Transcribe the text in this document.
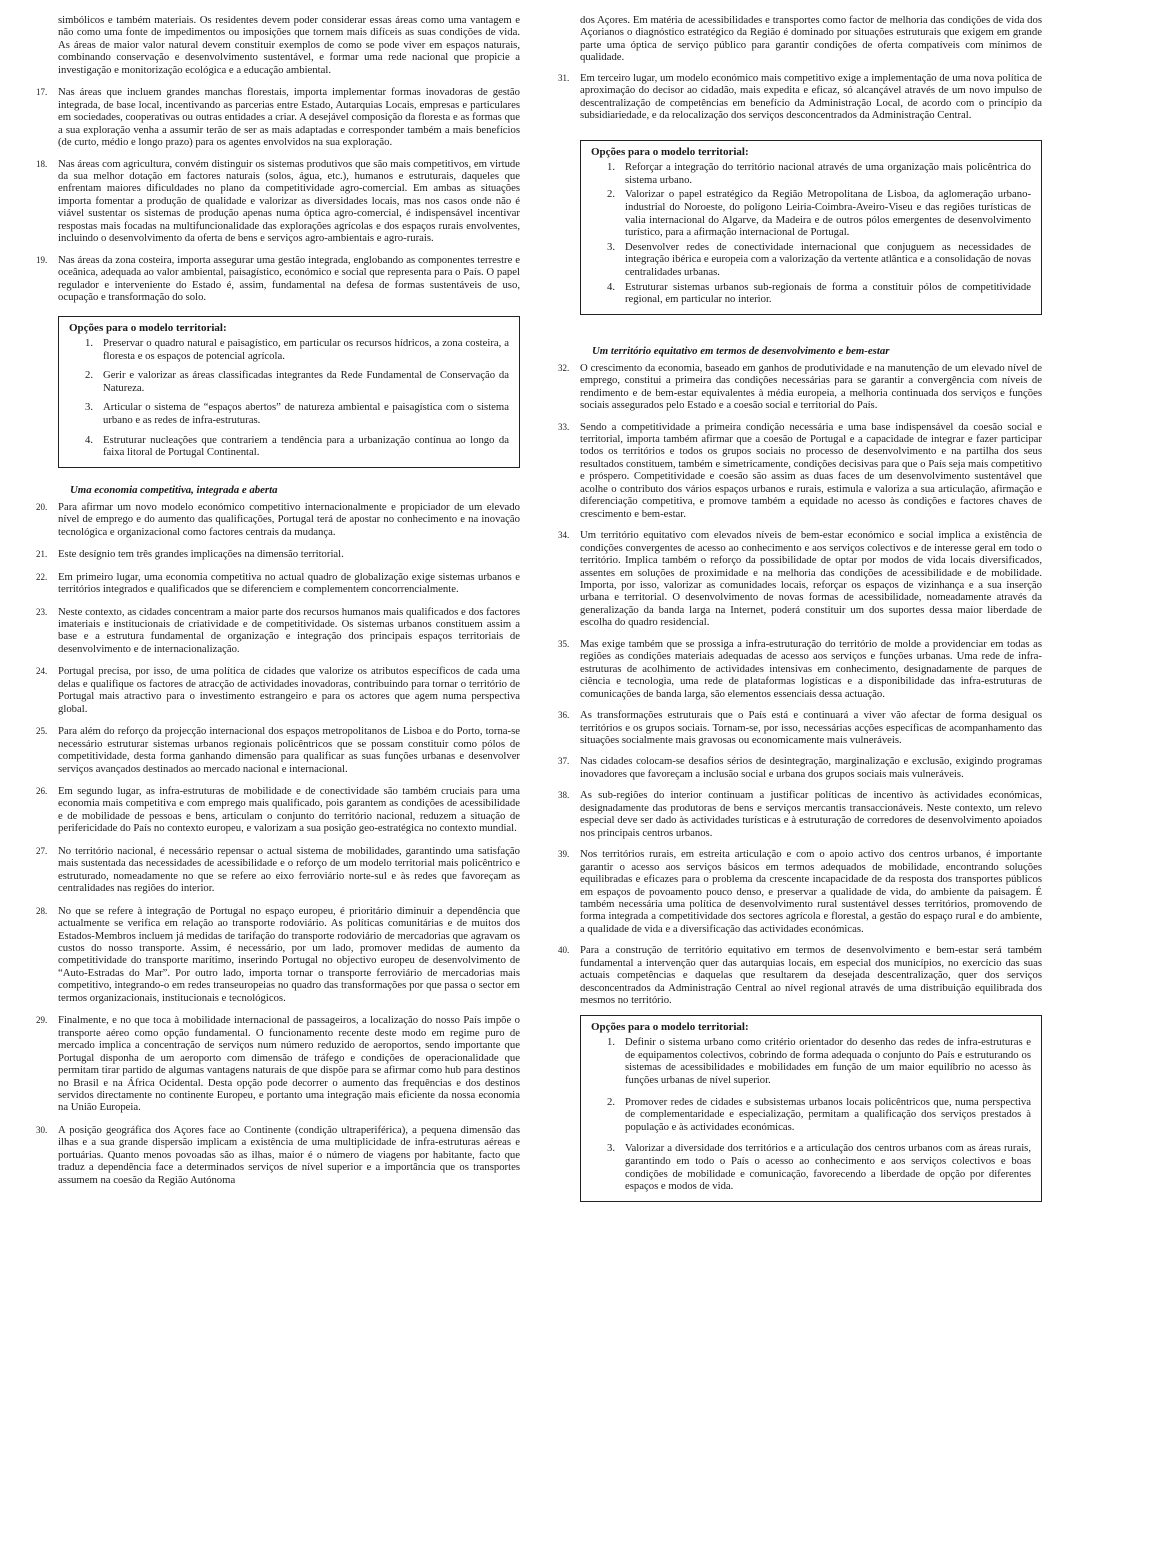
simbólicos e também materiais. Os residentes devem poder considerar essas áreas como uma vantagem e não como uma fonte de impedimentos ou imposições que tornem mais difíceis as suas condições de vida. As áreas de maior valor natural devem constituir exemplos de como se pode viver em espaços naturais, combinando conservação e desenvolvimento sustentável, e formar uma rede nacional que propicie a investigação e monitorização ecológica e a educação ambiental.

17.	Nas áreas que incluem grandes manchas florestais, importa implementar formas inovadoras de gestão integrada, de base local, incentivando as parcerias entre Estado, Autarquias Locais, empresas e particulares em sociedades, cooperativas ou outras entidades a criar. A desejável composição da floresta e as formas que a sua exploração venha a assumir terão de ser as mais adaptadas e corresponder também a mais benefícios (de curto, médio e longo prazo) para os agentes envolvidos na sua exploração.

18.	Nas áreas com agricultura, convém distinguir os sistemas produtivos que são mais competitivos, em virtude da sua melhor dotação em factores naturais (solos, água, etc.), humanos e estruturais, daqueles que enfrentam maiores dificuldades no plano da competitividade agro-comercial. Em ambas as situações importa fomentar a produção de qualidade e valorizar as diversidades locais, mas nos casos onde não é viável sustentar os sistemas de produção apenas numa óptica agro-comercial, é indispensável incentivar respostas mais focadas na multifuncionalidade das explorações agrícolas e dos espaços rurais envolventes, incluindo o desenvolvimento da oferta de bens e serviços agro-ambientais e agro-rurais.

19.	Nas áreas da zona costeira, importa assegurar uma gestão integrada, englobando as componentes terrestre e oceânica, adequada ao valor ambiental, paisagístico, económico e social que representa para o País. O papel regulador e interveniente do Estado é, assim, fundamental na defesa de formas sustentáveis de uso, ocupação e transformação do solo.

Opções para o modelo territorial:

1. Preservar o quadro natural e paisagístico, em particular os recursos hídricos, a zona costeira, a floresta e os espaços de potencial agrícola.
2. Gerir e valorizar as áreas classificadas integrantes da Rede Fundamental de Conservação da Natureza.
3. Articular o sistema de “espaços abertos” de natureza ambiental e paisagística com o sistema urbano e as redes de infra-estruturas.
4. Estruturar nucleações que contrariem a tendência para a urbanização contínua ao longo da faixa litoral de Portugal Continental.

Uma economia competitiva, integrada e aberta

20.	Para afirmar um novo modelo económico competitivo internacionalmente e propiciador de um elevado nível de emprego e do aumento das qualificações, Portugal terá de apostar no conhecimento e na inovação tecnológica e organizacional como factores centrais da mudança.

21.	Este desígnio tem três grandes implicações na dimensão territorial.

22.	Em primeiro lugar, uma economia competitiva no actual quadro de globalização exige sistemas urbanos e territórios integrados e qualificados que se diferenciem e complementem concorrencialmente.

23.	Neste contexto, as cidades concentram a maior parte dos recursos humanos mais qualificados e dos factores imateriais e institucionais de criatividade e de competitividade. Os sistemas urbanos constituem assim a base e a estrutura fundamental de organização e integração dos principais espaços territoriais de desenvolvimento e de internacionalização.

24.	Portugal precisa, por isso, de uma política de cidades que valorize os atributos específicos de cada uma delas e qualifique os factores de atracção de actividades inovadoras, contribuindo para tornar o território de Portugal mais atractivo para o investimento estrangeiro e para os actores que agem numa perspectiva global.

25.	Para além do reforço da projecção internacional dos espaços metropolitanos de Lisboa e do Porto, torna-se necessário estruturar sistemas urbanos regionais policêntricos que se possam constituir como pólos de competitividade, desta forma ganhando dimensão para qualificar as suas funções urbanas e desenvolver serviços avançados destinados ao mercado nacional e internacional.

26.	Em segundo lugar, as infra-estruturas de mobilidade e de conectividade são também cruciais para uma economia mais competitiva e com emprego mais qualificado, pois garantem as condições de acessibilidade e de mobilidade de pessoas e bens, articulam o conjunto do território nacional, reduzem a situação de perifericidade do País no contexto europeu, e valorizam a sua posição geo-estratégica no contexto mundial.

27.	No território nacional, é necessário repensar o actual sistema de mobilidades, garantindo uma satisfação mais sustentada das necessidades de acessibilidade e o reforço de um modelo territorial mais policêntrico e estruturado, nomeadamente no que se refere ao eixo ferroviário norte-sul e às redes que favoreçam as centralidades nas regiões do interior.

28.	No que se refere à integração de Portugal no espaço europeu, é prioritário diminuir a dependência que actualmente se verifica em relação ao transporte rodoviário. As políticas comunitárias e de muitos dos Estados-Membros incluem já medidas de tarifação do transporte rodoviário de mercadorias que agravam os custos do nosso transporte. Assim, é necessário, por um lado, promover medidas de aumento da competitividade do transporte marítimo, inserindo Portugal no objectivo europeu de desenvolvimento de “Auto-Estradas do Mar”. Por outro lado, importa tornar o transporte ferroviário de mercadorias mais competitivo, integrando-o em redes transeuropeias no quadro das transformações por que passa o sector em termos organizacionais, institucionais e tecnológicos.

29.	Finalmente, e no que toca à mobilidade internacional de passageiros, a localização do nosso País impõe o transporte aéreo como opção fundamental. O funcionamento recente deste modo em regime puro de mercado implica a concentração de serviços num número reduzido de aeroportos, sendo importante que Portugal disponha de um aeroporto com dimensão de tráfego e condições de operacionalidade que permitam tirar partido de algumas vantagens naturais de que dispõe para se afirmar como hub para destinos no Brasil e na África Ocidental. Desta opção pode decorrer o aumento das frequências e dos destinos servidos directamente no continente Europeu, e portanto uma integração mais eficiente da nossa economia na União Europeia.

30.	A posição geográfica dos Açores face ao Continente (condição ultraperiférica), a pequena dimensão das ilhas e a sua grande dispersão implicam a existência de uma multiplicidade de infra-estruturas aéreas e portuárias. Quanto menos povoadas são as ilhas, maior é o número de viagens por habitante, facto que traduz a dependência face a determinados serviços de nível superior e a importância que os transportes assumem na coesão da Região Autónoma

dos Açores. Em matéria de acessibilidades e transportes como factor de melhoria das condições de vida dos Açorianos o diagnóstico estratégico da Região é dominado por situações estruturais que exigem em grande parte uma óptica de serviço público para garantir condições de oferta compatíveis com mínimos de qualidade.

31.	Em terceiro lugar, um modelo económico mais competitivo exige a implementação de uma nova política de aproximação do decisor ao cidadão, mais expedita e eficaz, só alcançável através de um novo impulso de descentralização de competências em benefício da Administração Local, de acordo com o princípio da subsidiariedade, e da relocalização dos serviços desconcentrados da Administração Central.

Opções para o modelo territorial:

1. Reforçar a integração do território nacional através de uma organização mais policêntrica do sistema urbano.
2. Valorizar o papel estratégico da Região Metropolitana de Lisboa, da aglomeração urbano-industrial do Noroeste, do polígono Leiria-Coimbra-Aveiro-Viseu e das regiões turísticas de valia internacional do Algarve, da Madeira e de outros pólos emergentes de desenvolvimento turístico, para a afirmação internacional de Portugal.
3. Desenvolver redes de conectividade internacional que conjuguem as necessidades de integração ibérica e europeia com a valorização da vertente atlântica e a consolidação de novas centralidades urbanas.
4. Estruturar sistemas urbanos sub-regionais de forma a constituir pólos de competitividade regional, em particular no interior.

Um território equitativo em termos de desenvolvimento e bem-estar

32.	O crescimento da economia, baseado em ganhos de produtividade e na manutenção de um elevado nível de emprego, constitui a primeira das condições necessárias para se garantir a convergência com níveis de rendimento e de bem-estar equivalentes à média europeia, a melhoria continuada dos serviços e funções sociais assegurados pelo Estado e a coesão social e territorial do País.

33.	Sendo a competitividade a primeira condição necessária e uma base indispensável da coesão social e territorial, importa também afirmar que a coesão de Portugal e a capacidade de integrar e fazer participar todos os territórios e todos os grupos sociais no processo de desenvolvimento e na partilha dos seus resultados constituem, também e simetricamente, condições decisivas para que o País seja mais competitivo e próspero. Competitividade e coesão são assim as duas faces de um desenvolvimento sustentável que acolhe o contributo dos vários espaços urbanos e rurais, estimula e valoriza a sua articulação, afirmação e diferenciação competitiva, e promove também a equidade no acesso às condições e factores chaves de crescimento e bem-estar.

34.	Um território equitativo com elevados níveis de bem-estar económico e social implica a existência de condições convergentes de acesso ao conhecimento e aos serviços colectivos e de interesse geral em todo o território. Implica também o reforço da possibilidade de optar por modos de vida locais diversificados, assentes em soluções de proximidade e na melhoria das condições de acessibilidade e de mobilidade. Importa, por isso, valorizar as comunidades locais, reforçar os espaços de vizinhança e a sua inserção urbana e territorial. O desenvolvimento de novas formas de acessibilidade, nomeadamente através da generalização da banda larga na Internet, poderá constituir um dos suportes dessa maior liberdade de escolha do quadro residencial.

35.	Mas exige também que se prossiga a infra-estruturação do território de molde a providenciar em todas as regiões as condições materiais adequadas de acesso aos serviços e funções urbanas. Uma rede de infra-estruturas de acolhimento de actividades intensivas em conhecimento, designadamente de parques de ciência e tecnologia, uma rede de plataformas logísticas e a disponibilidade das infra-estruturas de comunicações de banda larga, são elementos essenciais dessa actuação.

36.	As transformações estruturais que o País está e continuará a viver vão afectar de forma desigual os territórios e os grupos sociais. Tornam-se, por isso, necessárias acções específicas de acompanhamento das situações socialmente mais gravosas ou economicamente mais vulneráveis.

37.	Nas cidades colocam-se desafios sérios de desintegração, marginalização e exclusão, exigindo programas inovadores que favoreçam a inclusão social e urbana dos grupos sociais mais vulneráveis.

38.	As sub-regiões do interior continuam a justificar políticas de incentivo às actividades económicas, designadamente das produtoras de bens e serviços mercantis transaccionáveis. Neste contexto, um relevo especial deve ser dado às actividades turísticas e à estruturação de corredores de desenvolvimento apoiados nos principais centros urbanos.

39.	Nos territórios rurais, em estreita articulação e com o apoio activo dos centros urbanos, é importante garantir o acesso aos serviços básicos em termos adequados de mobilidade, encontrando soluções equilibradas e eficazes para o problema da crescente incapacidade de da resposta dos transportes públicos em espaços de povoamento pouco denso, e preservar a qualidade de vida, do ambiente da paisagem. É também necessária uma política de desenvolvimento rural sustentável desses territórios, promovendo de forma integrada a competitividade dos sectores agrícola e florestal, a gestão do espaço rural e do ambiente, a qualidade de vida e a diversificação das actividades económicas.

40.	Para a construção de território equitativo em termos de desenvolvimento e bem-estar será também fundamental a intervenção quer das autarquias locais, em especial dos municípios, no exercício das suas actuais competências e daquelas que resultarem da desejada descentralização, quer dos serviços desconcentrados da Administração Central ao nível regional através de uma distribuição equilibrada dos mesmos no território.

Opções para o modelo territorial:

1. Definir o sistema urbano como critério orientador do desenho das redes de infra-estruturas e de equipamentos colectivos, cobrindo de forma adequada o conjunto do País e estruturando os sistemas de acessibilidades e mobilidades em função de um maior equilíbrio no acesso às funções urbanas de nível superior.
2. Promover redes de cidades e subsistemas urbanos locais policêntricos que, numa perspectiva de complementaridade e especialização, permitam a qualificação dos serviços prestados à população e às actividades económicas.
3. Valorizar a diversidade dos territórios e a articulação dos centros urbanos com as áreas rurais, garantindo em todo o País o acesso ao conhecimento e aos serviços colectivos e boas condições de mobilidade e comunicação, favorecendo a liberdade de opção por diferentes espaços e modos de vida.
